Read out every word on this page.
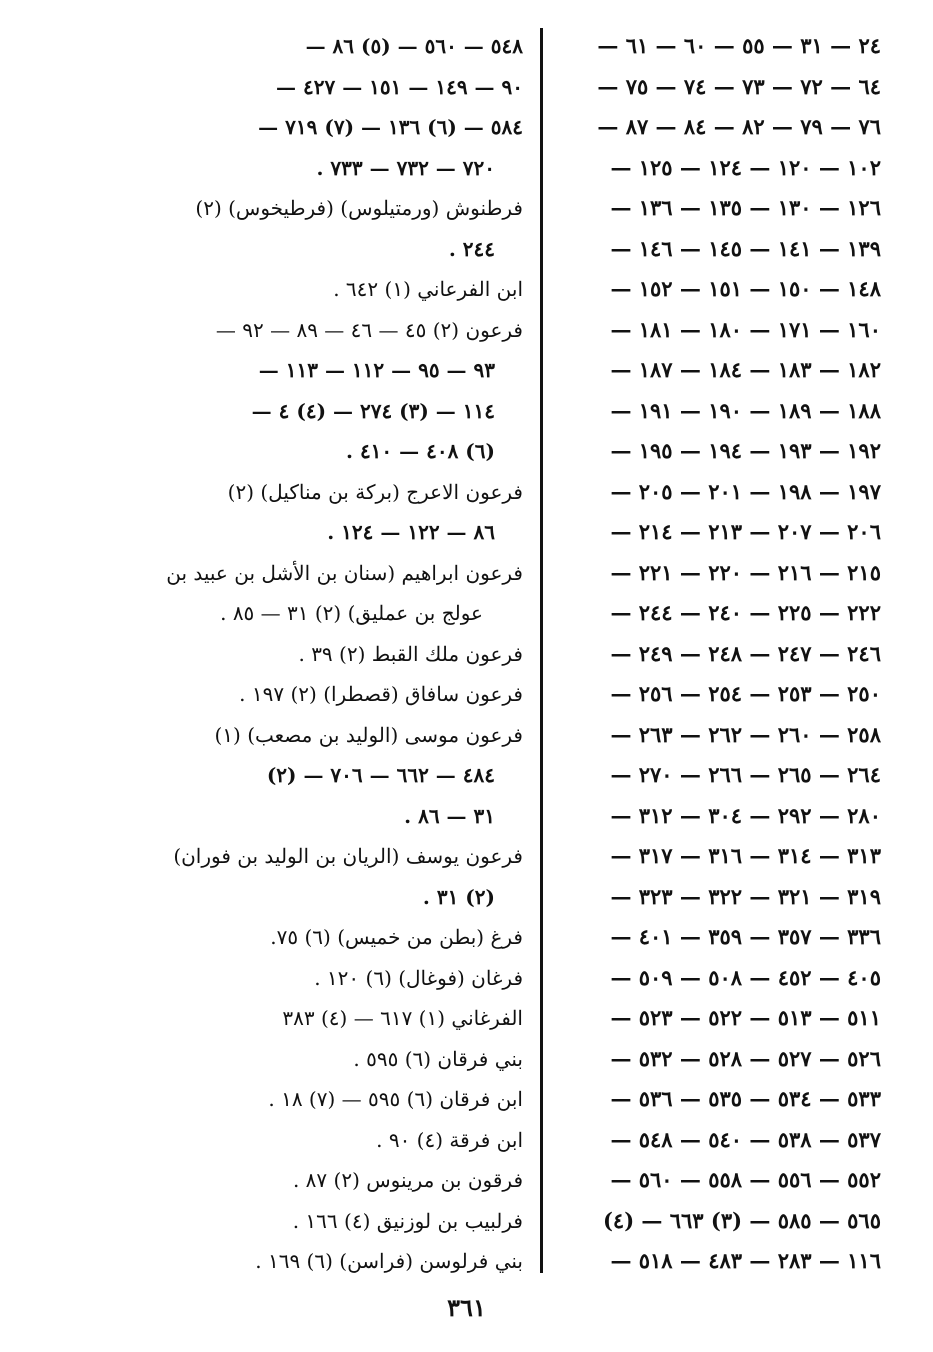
٢٤ — ٣١ — ٥٥ — ٦٠ — ٦١ —
٦٤ — ٧٢ — ٧٣ — ٧٤ — ٧٥ —
٧٦ — ٧٩ — ٨٢ — ٨٤ — ٨٧ —
١٠٢ — ١٢٠ — ١٢٤ — ١٢٥ —
١٢٦ — ١٣٠ — ١٣٥ — ١٣٦ —
١٣٩ — ١٤١ — ١٤٥ — ١٤٦ —
١٤٨ — ١٥٠ — ١٥١ — ١٥٢ —
١٦٠ — ١٧١ — ١٨٠ — ١٨١ —
١٨٢ — ١٨٣ — ١٨٤ — ١٨٧ —
١٨٨ — ١٨٩ — ١٩٠ — ١٩١ —
١٩٢ — ١٩٣ — ١٩٤ — ١٩٥ —
١٩٧ — ١٩٨ — ٢٠١ — ٢٠٥ —
٢٠٦ — ٢٠٧ — ٢١٣ — ٢١٤ —
٢١٥ — ٢١٦ — ٢٢٠ — ٢٢١ —
٢٢٢ — ٢٢٥ — ٢٤٠ — ٢٤٤ —
٢٤٦ — ٢٤٧ — ٢٤٨ — ٢٤٩ —
٢٥٠ — ٢٥٣ — ٢٥٤ — ٢٥٦ —
٢٥٨ — ٢٦٠ — ٢٦٢ — ٢٦٣ —
٢٦٤ — ٢٦٥ — ٢٦٦ — ٢٧٠ —
٢٨٠ — ٢٩٢ — ٣٠٤ — ٣١٢ —
٣١٣ — ٣١٤ — ٣١٦ — ٣١٧ —
٣١٩ — ٣٢١ — ٣٢٢ — ٣٢٣ —
٣٣٦ — ٣٥٧ — ٣٥٩ — ٤٠١ —
٤٠٥ — ٤٥٢ — ٥٠٨ — ٥٠٩ —
٥١١ — ٥١٣ — ٥٢٢ — ٥٢٣ —
٥٢٦ — ٥٢٧ — ٥٢٨ — ٥٣٢ —
٥٣٣ — ٥٣٤ — ٥٣٥ — ٥٣٦ —
٥٣٧ — ٥٣٨ — ٥٤٠ — ٥٤٨ —
٥٥٢ — ٥٥٦ — ٥٥٨ — ٥٦٠ —
٥٦٥ — ٥٨٥ — (٣) ٦٦٣ — (٤)
١١٦ — ٢٨٣ — ٤٨٣ — ٥١٨ —
٥٤٨ — ٥٦٠ — (٥) ٨٦ —
٩٠ — ١٤٩ — ١٥١ — ٤٢٧ —
٥٨٤ — (٦) ١٣٦ — (٧) ٧١٩ —
٧٢٠ — ٧٣٢ — ٧٣٣ .
فرطنوش (ورمتيلوس) (فرطيخوس) (٢)
٢٤٤ .
ابن الفرعاني (١) ٦٤٢ .
فرعون (٢) ٤٥ — ٤٦ — ٨٩ — ٩٢ —
٩٣ — ٩٥ — ١١٢ — ١١٣ —
١١٤ — (٣) ٢٧٤ — (٤) ٤ —
(٦) ٤٠٨ — ٤١٠ .
فرعون الاعرج (بركة بن مناكيل) (٢)
٨٦ — ١٢٢ — ١٢٤ .
فرعون ابراهيم (سنان بن الأشل بن عبيد بن
عولج بن عمليق) (٢) ٣١ — ٨٥ .
فرعون ملك القبط (٢) ٣٩ .
فرعون سافاق (قصطرا) (٢) ١٩٧ .
فرعون موسى (الوليد بن مصعب) (١)
٤٨٤ — ٦٦٢ — ٧٠٦ — (٢)
٣١ — ٨٦ .
فرعون يوسف (الريان بن الوليد بن فوران)
(٢) ٣١ .
فرغ (بطن من خميس) (٦) ٧٥.
فرغان (فوغال) (٦) ١٢٠ .
الفرغاني (١) ٦١٧ — (٤) ٣٨٣
بني فرقان (٦) ٥٩٥ .
ابن فرقان (٦) ٥٩٥ — (٧) ١٨ .
ابن فرقة (٤) ٩٠ .
فرقون بن مرينوس (٢) ٨٧ .
فرلبيب بن لوزنيق (٤) ١٦٦ .
بني فرلوسن (فراسن) (٦) ١٦٩ .
٣٦١
